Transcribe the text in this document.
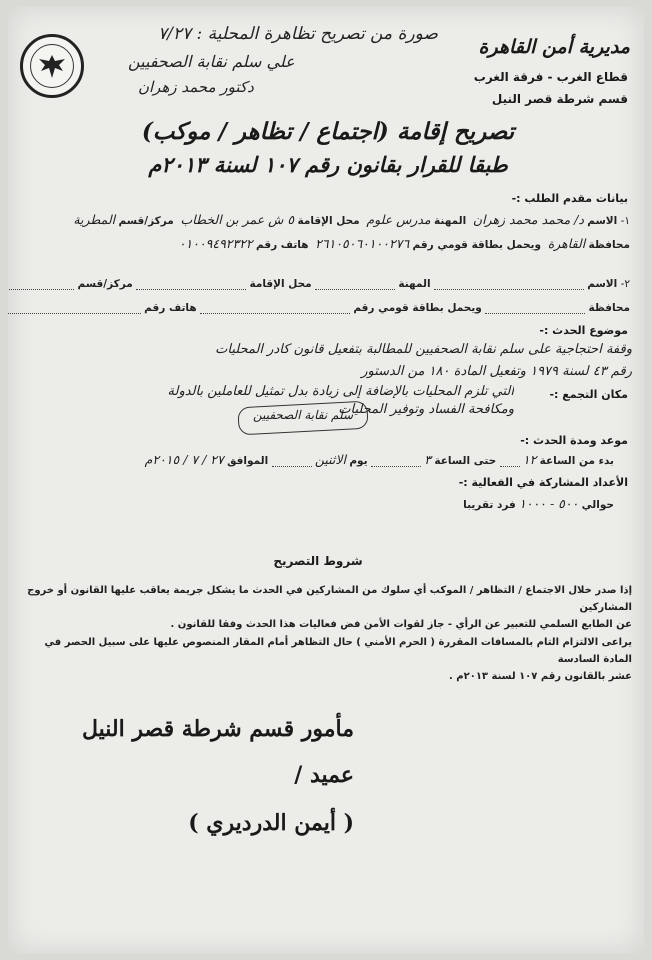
مديرية أمن القاهرة
قطاع الغرب - فرقة الغرب
قسم شرطة قصر النيل
صورة من تصريح تظاهرة المحلية : ٧/٢٧
علي سلم نقابة الصحفيين
دكتور محمد زهران
تصريح إقامة (اجتماع / تظاهر / موكب)
طبقا للقرار بقانون رقم ١٠٧ لسنة ٢٠١٣م
بيانات مقدم الطلب :-
١- الاسم د/ محمد محمد زهران  المهنة مدرس علوم  محل الإقامة ٥ ش عمر بن الخطاب  مركز/قسم المطرية
محافظة القاهرة  ويحمل بطاقة قومي رقم ٢٦١٠٥٠٦٠١٠٠٢٧٦  هاتف رقم ٠١٠٠٩٤٩٢٣٢٢
٢- الاسم  المهنة  محل الإقامة  مركز/قسم
محافظة  ويحمل بطاقة قومي رقم  هاتف رقم
موضوع الحدث :-
وقفة احتجاجية على سلم نقابة الصحفيين للمطالبة بتفعيل قانون كادر المحليات
رقم ٤٣ لسنة ١٩٧٩ وتفعيل المادة ١٨٠ من الدستور
مكان التجمع :-
التي تلزم المحليات بالإضافة إلى زيادة بدل تمثيل للعاملين بالدولة
ومكافحة الفساد وتوفير المحليات
سلم نقابة الصحفيين
موعد ومدة الحدث :-
بدء من الساعة ١٢  حتى الساعة ٣  يوم الاثنين  الموافق ٢٧ / ٧ / ٢٠١٥م
الأعداد المشاركة في الفعالية :-
حوالي ٥٠٠ - ١٠٠٠ فرد تقريبا
شروط التصريح
إذا صدر خلال الاجتماع / التظاهر / الموكب أي سلوك من المشاركين في الحدث ما يشكل جريمة يعاقب عليها القانون أو خروج المشاركين
عن الطابع السلمي للتعبير عن الرأي - جاز لقوات الأمن فض فعاليات هذا الحدث وفقا للقانون .
يراعى الالتزام التام بالمسافات المقررة ( الحرم الأمني ) حال التظاهر أمام المقار المنصوص عليها على سبيل الحصر في المادة السادسة
عشر بالقانون رقم ١٠٧ لسنة ٢٠١٣م .
مأمور قسم شرطة قصر النيل
عميد /
( أيمن الدرديري )
